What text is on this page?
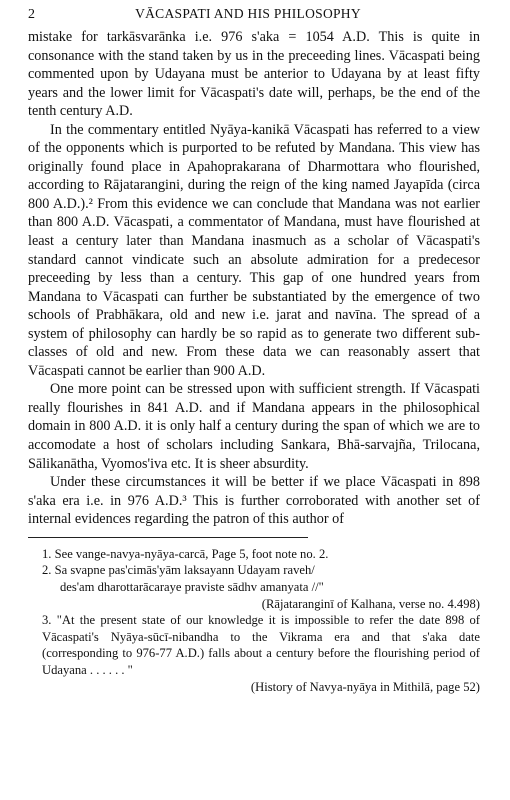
2	VĀCASPATI AND HIS PHILOSOPHY

mistake for tarkāsvarānka i.e. 976 s'aka = 1054 A.D. This is quite in consonance with the stand taken by us in the preceeding lines. Vācaspati being commented upon by Udayana must be anterior to Udayana by at least fifty years and the lower limit for Vācaspati's date will, perhaps, be the end of the tenth century A.D.

In the commentary entitled Nyāya-kanikā Vācaspati has referred to a view of the opponents which is purported to be refuted by Mandana. This view has originally found place in Apahoprakarana of Dharmottara who flourished, according to Rājatarangini, during the reign of the king named Jayapīda (circa 800 A.D.).² From this evidence we can conclude that Mandana was not earlier than 800 A.D. Vācaspati, a commentator of Mandana, must have flourished at least a century later than Mandana inasmuch as a scholar of Vācaspati's standard cannot vindicate such an absolute admiration for a predecesor preceeding by less than a century. This gap of one hundred years from Mandana to Vācaspati can further be substantiated by the emergence of two schools of Prabhākara, old and new i.e. jarat and navīna. The spread of a system of philosophy can hardly be so rapid as to generate two different sub-classes of old and new. From these data we can reasonably assert that Vācaspati cannot be earlier than 900 A.D.

One more point can be stressed upon with sufficient strength. If Vācaspati really flourishes in 841 A.D. and if Mandana appears in the philosophical domain in 800 A.D. it is only half a century during the span of which we are to accomodate a host of scholars including Sankara, Bhā-sarvajña, Trilocana, Sālikanātha, Vyomos'iva etc. It is sheer absurdity.

Under these circumstances it will be better if we place Vācaspati in 898 s'aka era i.e. in 976 A.D.³ This is further corroborated with another set of internal evidences regarding the patron of this author of

1. See vange-navya-nyāya-carcā, Page 5, foot note no. 2.

2. Sa svapne pas'cimās'yām laksayann Udayam raveh/

des'am dharottarācaraye praviste sādhv amanyata //"

(Rājataranginī of Kalhana, verse no. 4.498)

3. "At the present state of our knowledge it is impossible to refer the date 898 of Vācaspati's Nyāya-sūcī-nibandha to the Vikrama era and that s'aka date (corresponding to 976-77 A.D.) falls about a century before the flourishing period of Udayana . . . . . . "

(History of Navya-nyāya in Mithilā, page 52)
